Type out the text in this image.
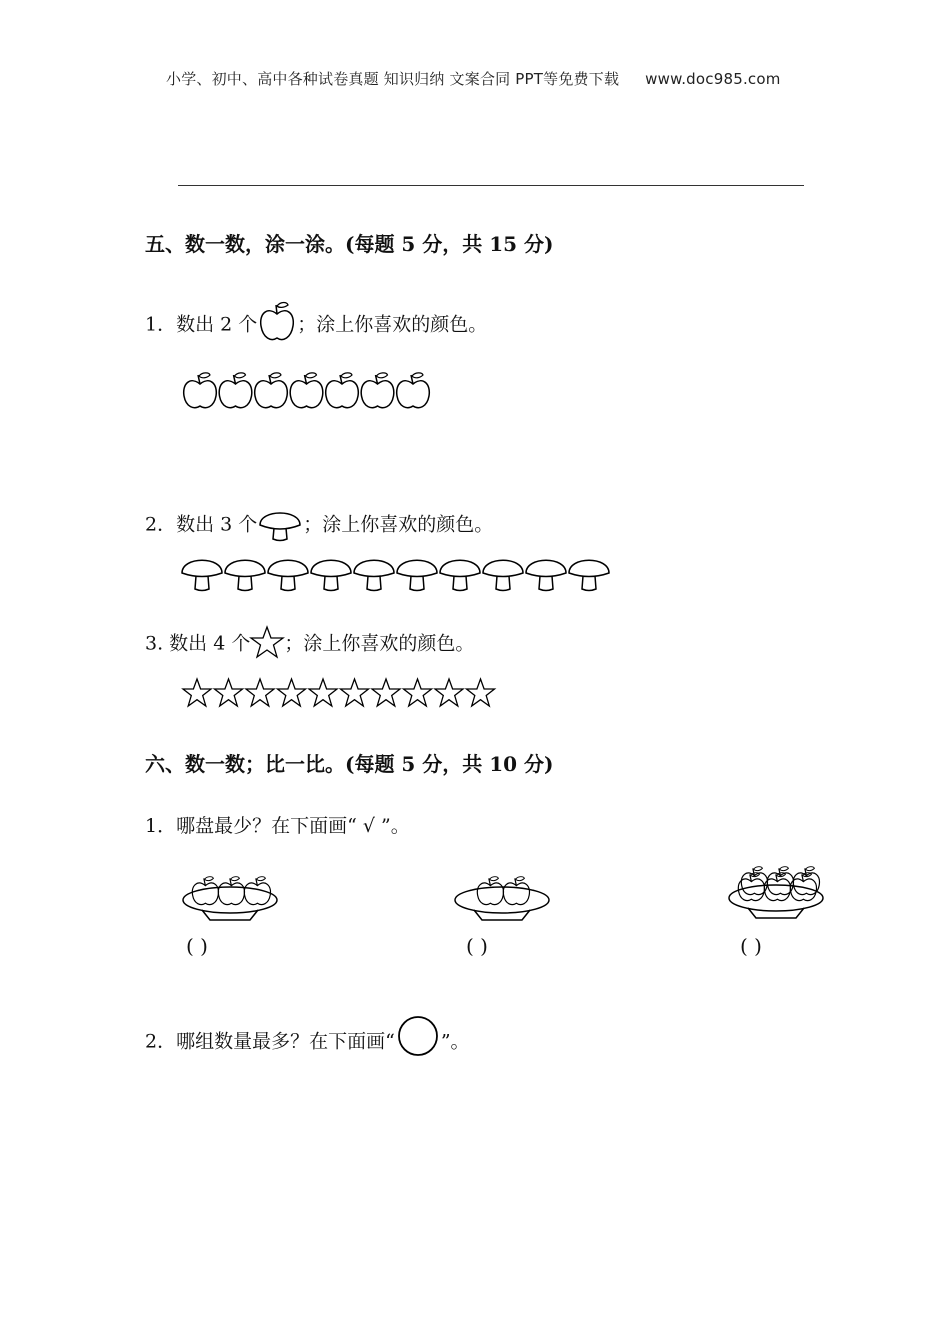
小学、初中、高中各种试卷真题 知识归纳 文案合同 PPT等免费下载 www.doc985.com
五、数一数，涂一涂。(每题 5 分，共 15 分)
1．数出 2 个 ；涂上你喜欢的颜色。
2．数出 3 个 ；涂上你喜欢的颜色。
3. 数出 4 个 ；涂上你喜欢的颜色。
六、数一数；比一比。(每题 5 分，共 10 分)
1．哪盘最少？在下面画“ √ ”。
( )	( )	( )
2．哪组数量最多？在下面画“ ”。
